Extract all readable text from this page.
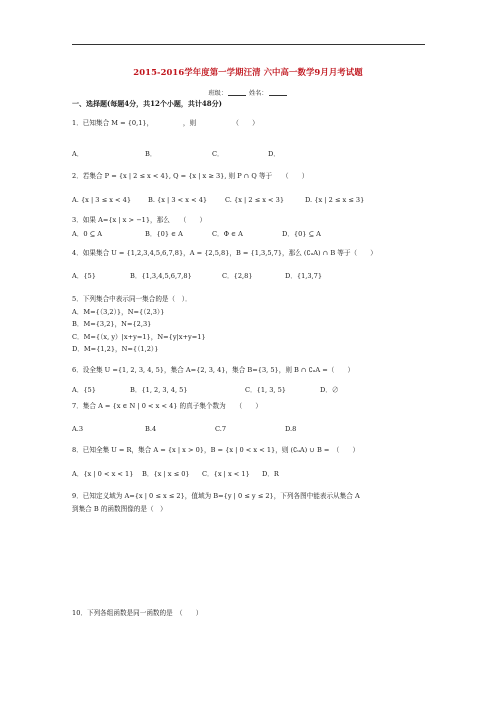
2015-2016学年度第一学期汪清 六中高一数学9月月考试题
班级：	姓名：
一、选择题(每题4分，共12个小题，共计48分)
1．已知集合 M = {0,1}，　　　　　，则　　　　　　（　　）
A．	B．	C．	D．
2．若集合 P = {x | 2 ≤ x < 4}, Q = {x | x ≥ 3}, 则 P ∩ Q 等于　　（　　）
A. {x | 3 ≤ x < 4}	B. {x | 3 < x < 4}	C. {x | 2 ≤ x < 3}	D. {x | 2 ≤ x ≤ 3}
3．如果 A={x | x > −1}，那么　　（　　）
A．0 ⊆ A	B．{0} ∈ A	C．Φ ∈ A	D．{0} ⊆ A
4．如果集合 U = {1,2,3,4,5,6,7,8}，A = {2,5,8}，B = {1,3,5,7}，那么 (∁ᵤA) ∩ B 等于（　　）
A．{5}	B．{1,3,4,5,6,7,8}	C．{2,8}	D．{1,3,7}
5．下列集合中表示同一集合的是（　）．
A．M={（3,2）}，N={（2,3）}
B．M={3,2}，N={2,3}
C．M={（x, y）|x+y=1}，N={y|x+y=1}
D．M={1,2}，N={（1,2）}
6．设全集 U ={1, 2, 3, 4, 5}，集合 A={2, 3, 4}，集合 B={3, 5}，则 B ∩ ∁ᵤA =（　　）
A．{5}	B．{1, 2, 3, 4, 5}	C．{1, 3, 5}	D．∅
7．集合 A = {x ∈ N | 0 < x < 4} 的真子集个数为　　（　　）
A.3	B.4	C.7	D.8
8．已知全集 U = R，集合 A = {x | x > 0}，B = {x | 0 < x < 1}，则 (∁ᵤA) ∪ B =　（　　）
A．{x | 0 < x < 1} B．{x | x ≤ 0} C．{x | x < 1} D．R
9．已知定义域为 A={x | 0 ≤ x ≤ 2}，值域为 B={y | 0 ≤ y ≤ 2}，下列各图中能表示从集合 A
到集合 B 的函数图像的是（　）
10．下列各组函数是同一函数的是　（　　）
